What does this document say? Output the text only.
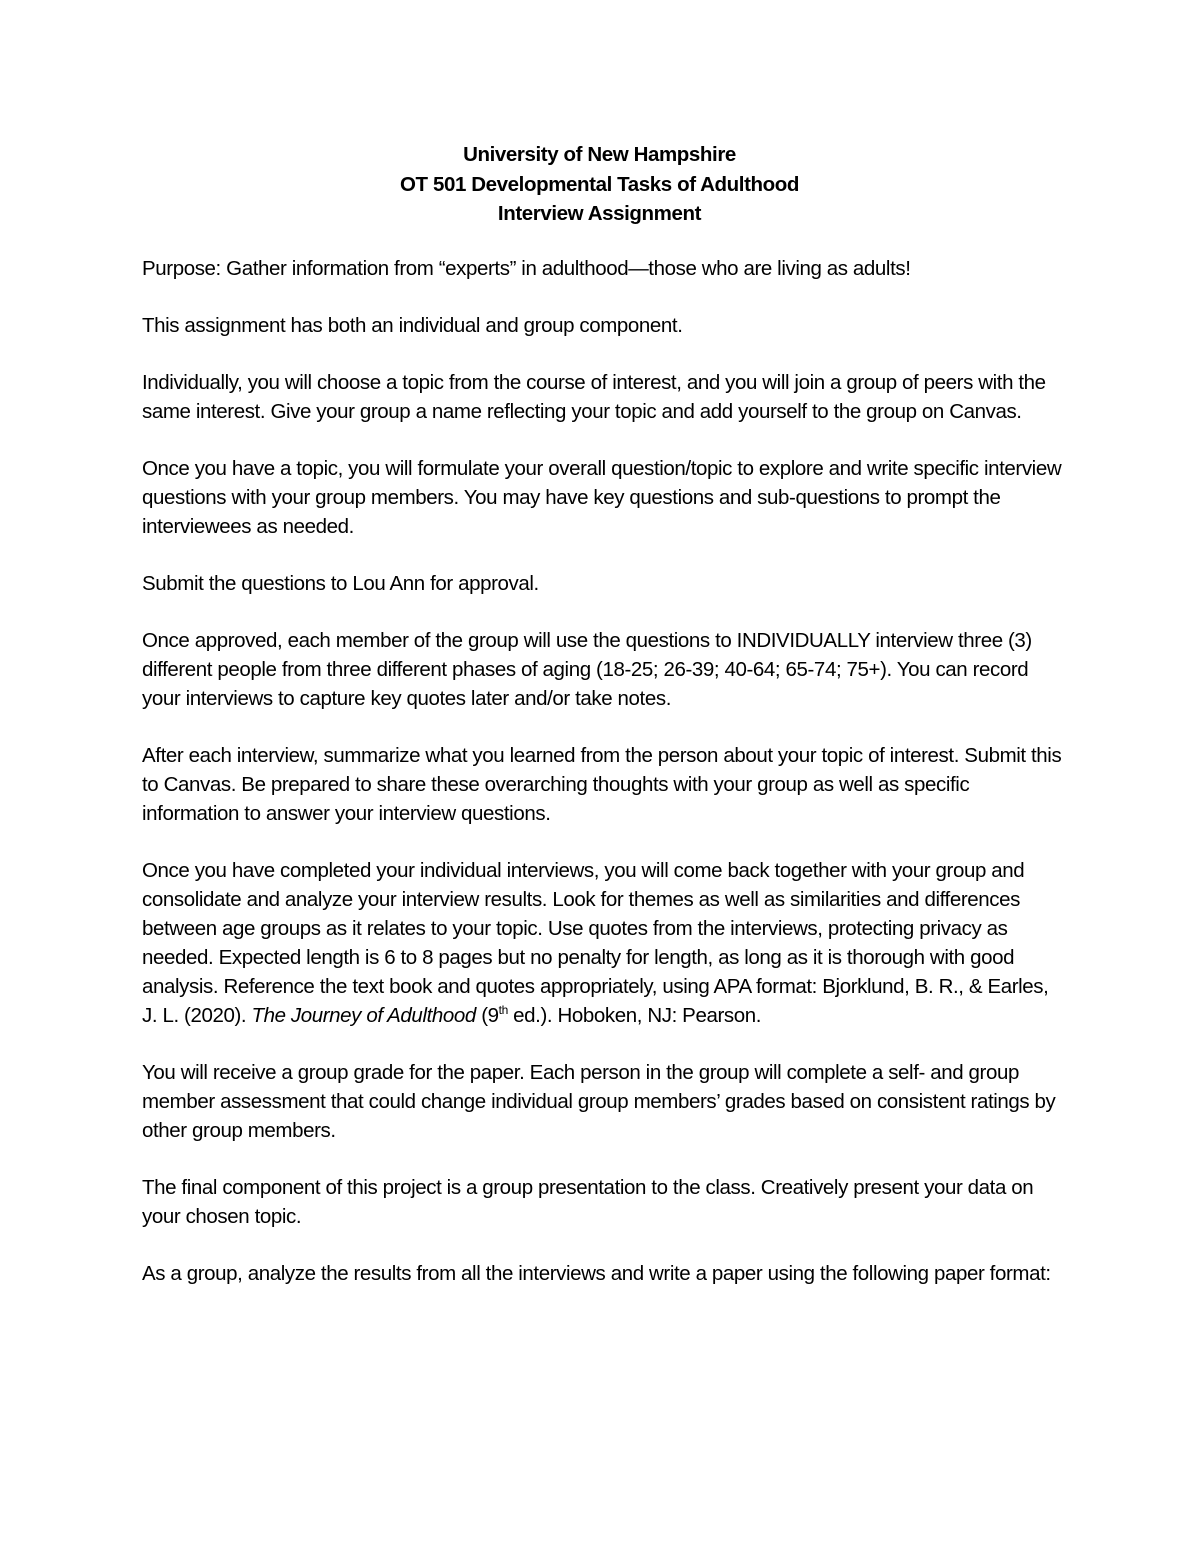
University of New Hampshire
OT 501 Developmental Tasks of Adulthood
Interview Assignment

Purpose: Gather information from “experts” in adulthood—those who are living as adults!

This assignment has both an individual and group component.

Individually, you will choose a topic from the course of interest, and you will join a group of peers with the same interest. Give your group a name reflecting your topic and add yourself to the group on Canvas.

Once you have a topic, you will formulate your overall question/topic to explore and write specific interview questions with your group members. You may have key questions and sub-questions to prompt the interviewees as needed.

Submit the questions to Lou Ann for approval.

Once approved, each member of the group will use the questions to INDIVIDUALLY interview three (3) different people from three different phases of aging (18-25; 26-39; 40-64; 65-74; 75+). You can record your interviews to capture key quotes later and/or take notes.

After each interview, summarize what you learned from the person about your topic of interest. Submit this to Canvas. Be prepared to share these overarching thoughts with your group as well as specific information to answer your interview questions.

Once you have completed your individual interviews, you will come back together with your group and consolidate and analyze your interview results. Look for themes as well as similarities and differences between age groups as it relates to your topic. Use quotes from the interviews, protecting privacy as needed. Expected length is 6 to 8 pages but no penalty for length, as long as it is thorough with good analysis. Reference the text book and quotes appropriately, using APA format: Bjorklund, B. R., & Earles, J. L. (2020). The Journey of Adulthood (9th ed.). Hoboken, NJ: Pearson.

You will receive a group grade for the paper. Each person in the group will complete a self- and group member assessment that could change individual group members’ grades based on consistent ratings by other group members.

The final component of this project is a group presentation to the class. Creatively present your data on your chosen topic.

As a group, analyze the results from all the interviews and write a paper using the following paper format:
